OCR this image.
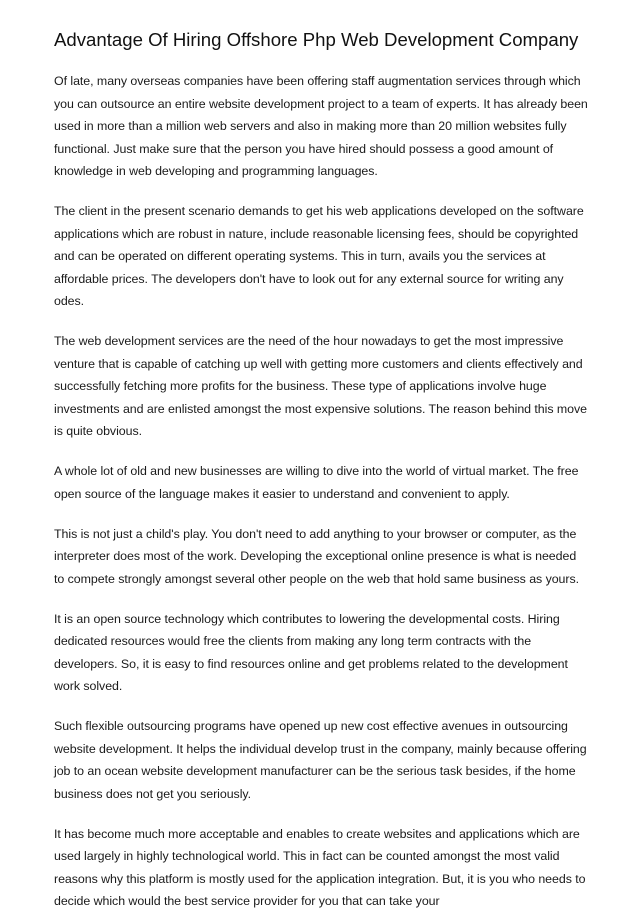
Advantage Of Hiring Offshore Php Web Development Company

Of late, many overseas companies have been offering staff augmentation services through which you can outsource an entire website development project to a team of experts. It has already been used in more than a million web servers and also in making more than 20 million websites fully functional. Just make sure that the person you have hired should possess a good amount of knowledge in web developing and programming languages.

The client in the present scenario demands to get his web applications developed on the software applications which are robust in nature, include reasonable licensing fees, should be copyrighted and can be operated on different operating systems. This in turn, avails you the services at affordable prices. The developers don't have to look out for any external source for writing any odes.

The web development services are the need of the hour nowadays to get the most impressive venture that is capable of catching up well with getting more customers and clients effectively and successfully fetching more profits for the business. These type of applications involve huge investments and are enlisted amongst the most expensive solutions. The reason behind this move is quite obvious.

A whole lot of old and new businesses are willing to dive into the world of virtual market. The free open source of the language makes it easier to understand and convenient to apply.

This is not just a child's play. You don't need to add anything to your browser or computer, as the interpreter does most of the work. Developing the exceptional online presence is what is needed to compete strongly amongst several other people on the web that hold same business as yours.

It is an open source technology which contributes to lowering the developmental costs. Hiring dedicated resources would free the clients from making any long term contracts with the developers. So, it is easy to find resources online and get problems related to the development work solved.

Such flexible outsourcing programs have opened up new cost effective avenues in outsourcing website development. It helps the individual develop trust in the company, mainly because offering job to an ocean website development manufacturer can be the serious task besides, if the home business does not get you seriously.

It has become much more acceptable and enables to create websites and applications which are used largely in highly technological world. This in fact can be counted amongst the most valid reasons why this platform is mostly used for the application integration. But, it is you who needs to decide which would the best service provider for you that can take your
